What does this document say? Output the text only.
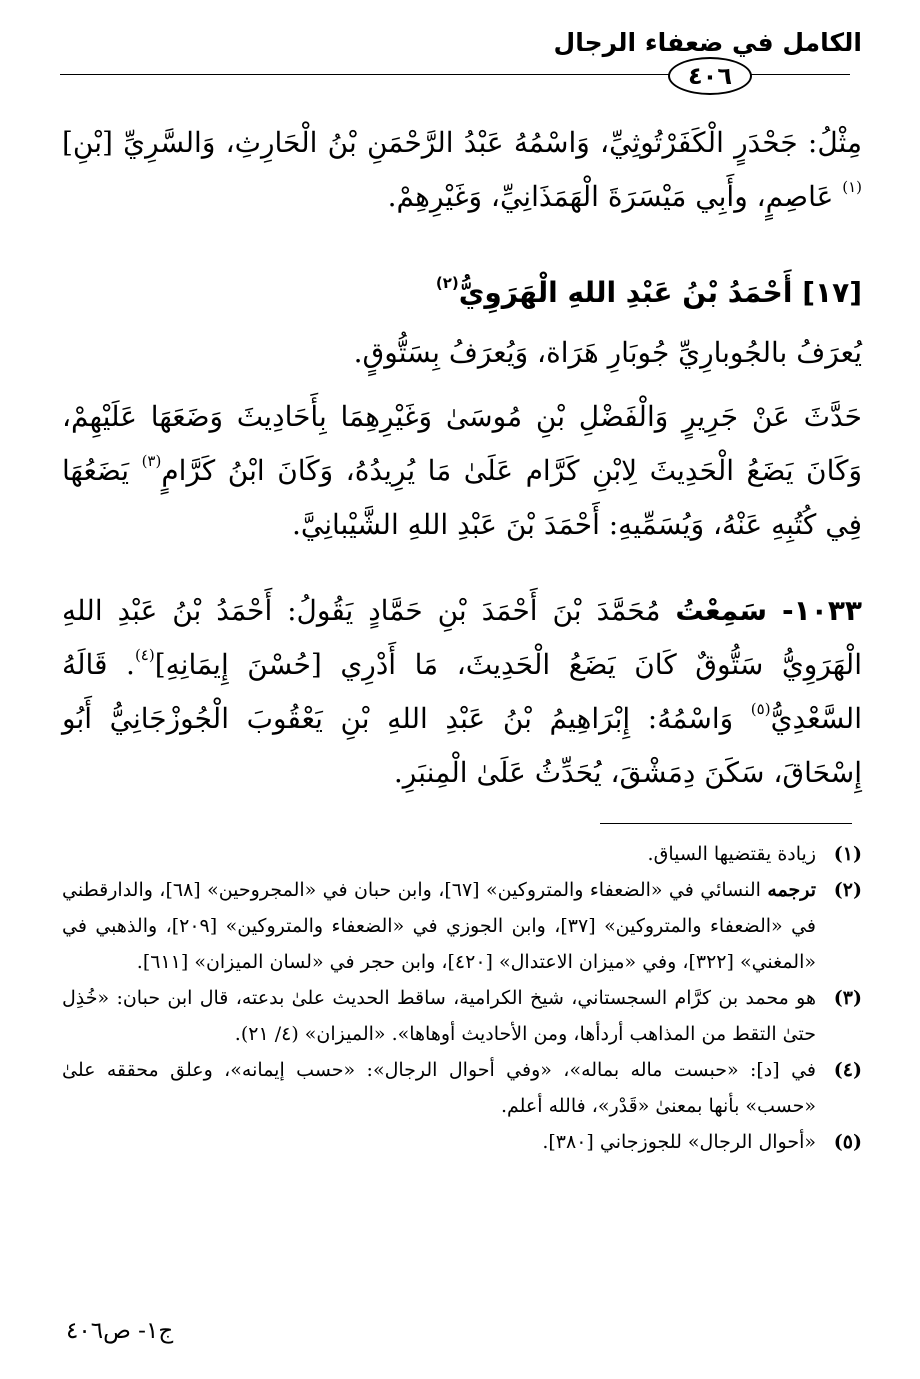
الكامل في ضعفاء الرجال
٤٠٦

مِثْلُ: جَحْدَرٍ الْكَفَرْتُوثِيِّ، وَاسْمُهُ عَبْدُ الرَّحْمَنِ بْنُ الْحَارِثِ، وَالسَّرِيِّ [بْنِ]$^{(١)}$ عَاصِمٍ، وأَبِي مَيْسَرَةَ الْهَمَذَانِيِّ، وَغَيْرِهِمْ.

[١٧] أَحْمَدُ بْنُ عَبْدِ اللهِ الْهَرَوِيُّ$^{(٢)}$

يُعرَفُ بالجُوبارِيِّ جُوبَارِ هَرَاة، وَيُعرَفُ بِسَتُّوقٍ.

حَدَّثَ عَنْ جَرِيرٍ وَالْفَضْلِ بْنِ مُوسَىٰ وَغَيْرِهِمَا بِأَحَادِيثَ وَضَعَهَا عَلَيْهِمْ، وَكَانَ يَضَعُ الْحَدِيثَ لِابْنِ كَرَّام عَلَىٰ مَا يُرِيدُهُ، وَكَانَ ابْنُ كَرَّامٍ$^{(٣)}$ يَضَعُهَا فِي كُتُبِهِ عَنْهُ، وَيُسَمِّيهِ: أَحْمَدَ بْنَ عَبْدِ اللهِ الشَّيْبانِيَّ.

١٠٣٣- سَمِعْتُ مُحَمَّدَ بْنَ أَحْمَدَ بْنِ حَمَّادٍ يَقُولُ: أَحْمَدُ بْنُ عَبْدِ اللهِ الْهَرَوِيُّ سَتُّوقٌ كَانَ يَضَعُ الْحَدِيثَ، مَا أَدْرِي [حُسْنَ إِيمَانِهِ]$^{(٤)}$. قَالَهُ السَّعْدِيُّ$^{(٥)}$ وَاسْمُهُ: إِبْرَاهِيمُ بْنُ عَبْدِ اللهِ بْنِ يَعْقُوبَ الْجُوزْجَانِيُّ أَبُو إِسْحَاقَ، سَكَنَ دِمَشْقَ، يُحَدِّثُ عَلَىٰ الْمِنبَرِ.

(١)
زيادة يقتضيها السياق.
(٢)
ترجمه النسائي في «الضعفاء والمتروكين» [٦٧]، وابن حبان في «المجروحين» [٦٨]، والدارقطني في «الضعفاء والمتروكين» [٣٧]، وابن الجوزي في «الضعفاء والمتروكين» [٢٠٩]، والذهبي في «المغني» [٣٢٢]، وفي «ميزان الاعتدال» [٤٢٠]، وابن حجر في «لسان الميزان» [٦١١].
(٣)
هو محمد بن كرَّام السجستاني، شيخ الكرامية، ساقط الحديث علىٰ بدعته، قال ابن حبان: «خُذِل حتىٰ التقط من المذاهب أردأها، ومن الأحاديث أوهاها». «الميزان» (٤/ ٢١).
(٤)
في [د]: «حبست ماله بماله»، «وفي أحوال الرجال»: «حسب إيمانه»، وعلق محققه علىٰ «حسب» بأنها بمعنىٰ «قَدْر»، فالله أعلم.
(٥)
«أحوال الرجال» للجوزجاني [٣٨٠].
ج١- ص٤٠٦
